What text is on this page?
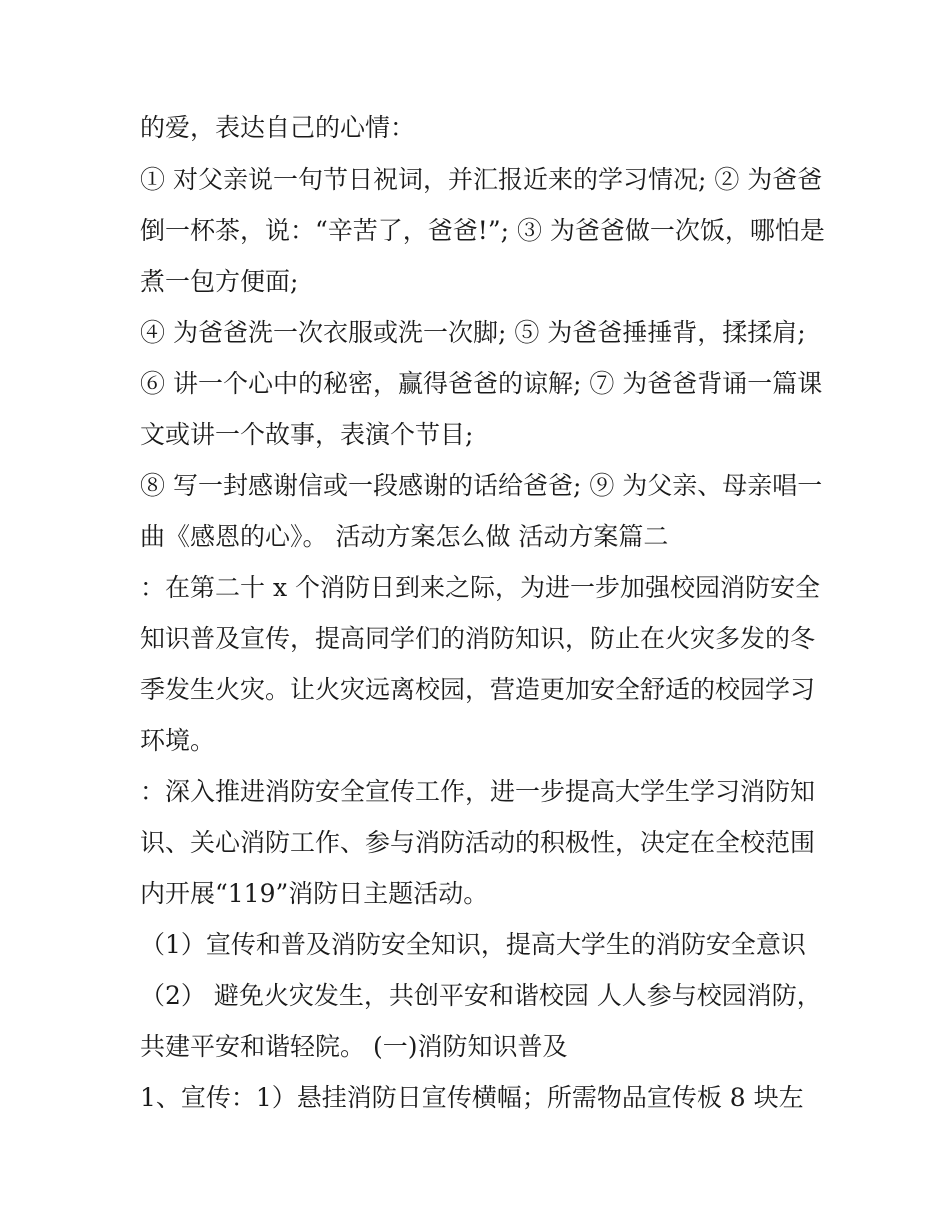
的爱，表达自己的心情：
① 对父亲说一句节日祝词，并汇报近来的学习情况; ② 为爸爸
倒一杯茶，说：“辛苦了，爸爸!”; ③ 为爸爸做一次饭，哪怕是
煮一包方便面;
④ 为爸爸洗一次衣服或洗一次脚; ⑤ 为爸爸捶捶背，揉揉肩;
⑥ 讲一个心中的秘密，赢得爸爸的谅解; ⑦ 为爸爸背诵一篇课
文或讲一个故事，表演个节目;
⑧ 写一封感谢信或一段感谢的话给爸爸; ⑨ 为父亲、母亲唱一
曲《感恩的心》。 活动方案怎么做 活动方案篇二
：在第二十 x 个消防日到来之际，为进一步加强校园消防安全
知识普及宣传，提高同学们的消防知识，防止在火灾多发的冬
季发生火灾。让火灾远离校园，营造更加安全舒适的校园学习
环境。
：深入推进消防安全宣传工作，进一步提高大学生学习消防知
识、关心消防工作、参与消防活动的积极性，决定在全校范围
内开展“119”消防日主题活动。
（1）宣传和普及消防安全知识，提高大学生的消防安全意识
（2） 避免火灾发生，共创平安和谐校园 人人参与校园消防，
共建平安和谐轻院。 (一)消防知识普及
1、宣传：1）悬挂消防日宣传横幅；所需物品宣传板 8 块左
